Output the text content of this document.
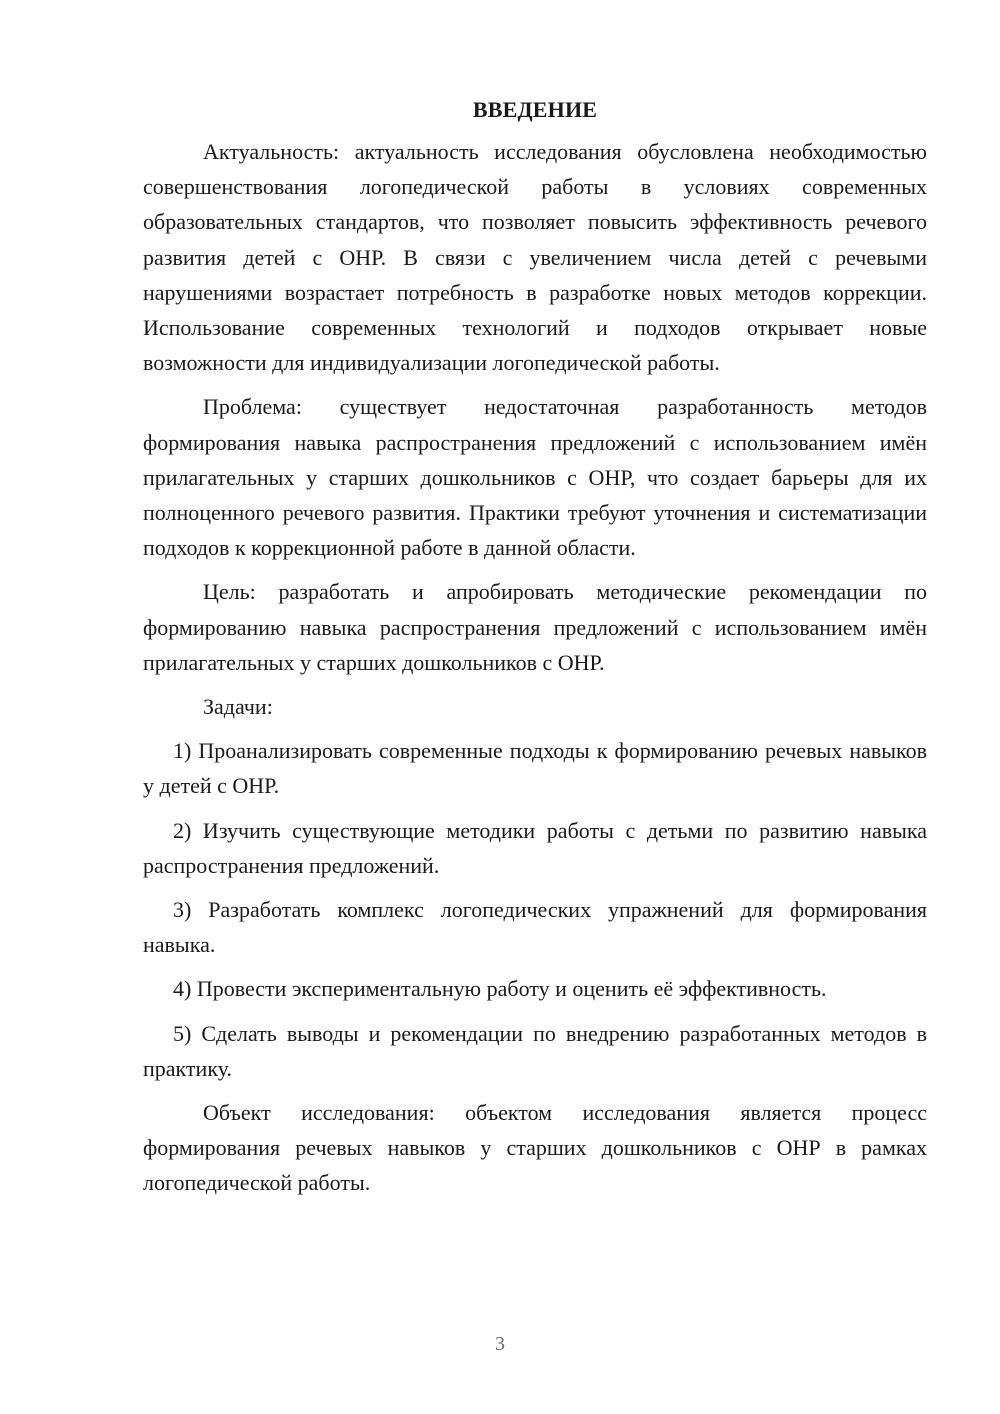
ВВЕДЕНИЕ

Актуальность: актуальность исследования обусловлена необходимостью совершенствования логопедической работы в условиях современных образовательных стандартов, что позволяет повысить эффективность речевого развития детей с ОНР. В связи с увеличением числа детей с речевыми нарушениями возрастает потребность в разработке новых методов коррекции. Использование современных технологий и подходов открывает новые возможности для индивидуализации логопедической работы.

Проблема: существует недостаточная разработанность методов формирования навыка распространения предложений с использованием имён прилагательных у старших дошкольников с ОНР, что создает барьеры для их полноценного речевого развития. Практики требуют уточнения и систематизации подходов к коррекционной работе в данной области.

Цель: разработать и апробировать методические рекомендации по формированию навыка распространения предложений с использованием имён прилагательных у старших дошкольников с ОНР.

Задачи:

1) Проанализировать современные подходы к формированию речевых навыков у детей с ОНР.

2) Изучить существующие методики работы с детьми по развитию навыка распространения предложений.

3) Разработать комплекс логопедических упражнений для формирования навыка.

4) Провести экспериментальную работу и оценить её эффективность.

5) Сделать выводы и рекомендации по внедрению разработанных методов в практику.

Объект исследования: объектом исследования является процесс формирования речевых навыков у старших дошкольников с ОНР в рамках логопедической работы.

3
